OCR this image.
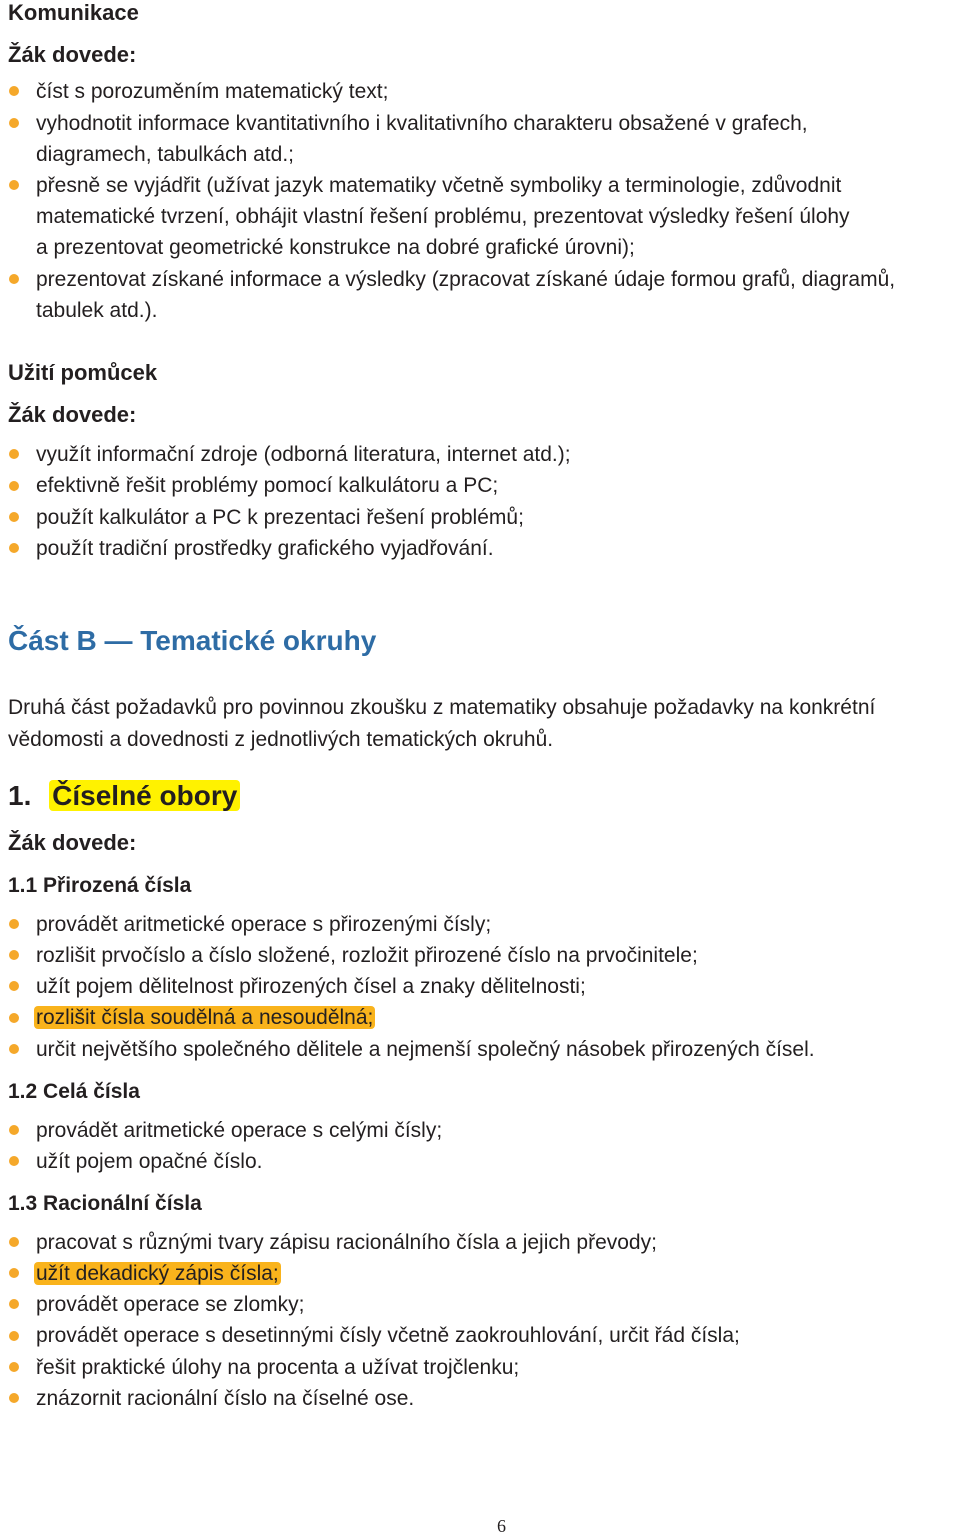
Komunikace
Žák dovede:
číst s porozuměním matematický text;
vyhodnotit informace kvantitativního i kvalitativního charakteru obsažené v grafech,
diagramech, tabulkách atd.;
přesně se vyjádřit (užívat jazyk matematiky včetně symboliky a terminologie, zdůvodnit
matematické tvrzení, obhájit vlastní řešení problému, prezentovat výsledky řešení úlohy
a prezentovat geometrické konstrukce na dobré grafické úrovni);
prezentovat získané informace a výsledky (zpracovat získané údaje formou grafů, diagramů,
tabulek atd.).
Užití pomůcek
Žák dovede:
využít informační zdroje (odborná literatura, internet atd.);
efektivně řešit problémy pomocí kalkulátoru a PC;
použít kalkulátor a PC k prezentaci řešení problémů;
použít tradiční prostředky grafického vyjadřování.
Část B — Tematické okruhy
Druhá část požadavků pro povinnou zkoušku z matematiky obsahuje požadavky na konkrétní vědomosti a dovednosti z jednotlivých tematických okruhů.
1. Číselné obory
Žák dovede:
1.1 Přirozená čísla
provádět aritmetické operace s přirozenými čísly;
rozlišit prvočíslo a číslo složené, rozložit přirozené číslo na prvočinitele;
užít pojem dělitelnost přirozených čísel a znaky dělitelnosti;
rozlišit čísla soudělná a nesoudělná;
určit největšího společného dělitele a nejmenší společný násobek přirozených čísel.
1.2 Celá čísla
provádět aritmetické operace s celými čísly;
užít pojem opačné číslo.
1.3 Racionální čísla
pracovat s různými tvary zápisu racionálního čísla a jejich převody;
užít dekadický zápis čísla;
provádět operace se zlomky;
provádět operace s desetinnými čísly včetně zaokrouhlování, určit řád čísla;
řešit praktické úlohy na procenta a užívat trojčlenku;
znázornit racionální číslo na číselné ose.
6
